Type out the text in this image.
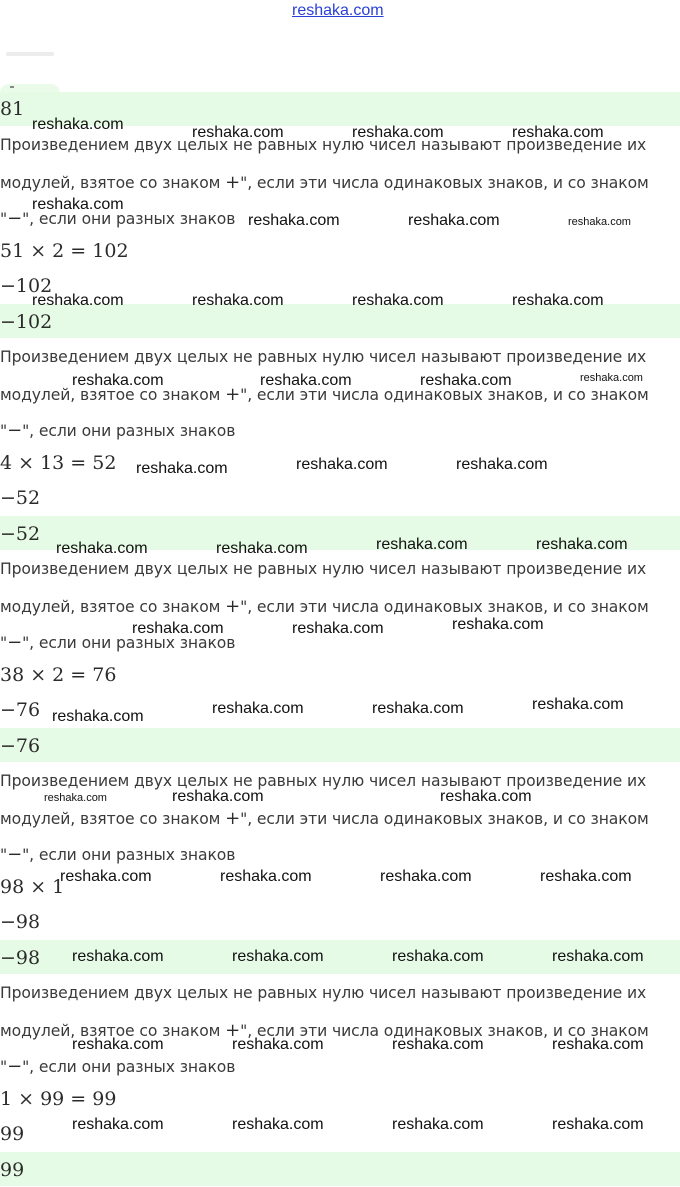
reshaka.com
81
Произведением двух целых не равных нулю чисел называют произведение их
модулей, взятое со знаком +", если эти числа одинаковых знаков, и со знаком
"−", если они разных знаков
51 × 2 = 102
−102
−102
Произведением двух целых не равных нулю чисел называют произведение их
модулей, взятое со знаком +", если эти числа одинаковых знаков, и со знаком
"−", если они разных знаков
4 × 13 = 52
−52
−52
Произведением двух целых не равных нулю чисел называют произведение их
модулей, взятое со знаком +", если эти числа одинаковых знаков, и со знаком
"−", если они разных знаков
38 × 2 = 76
−76
−76
Произведением двух целых не равных нулю чисел называют произведение их
модулей, взятое со знаком +", если эти числа одинаковых знаков, и со знаком
"−", если они разных знаков
98 × 1
−98
−98
Произведением двух целых не равных нулю чисел называют произведение их
модулей, взятое со знаком +", если эти числа одинаковых знаков, и со знаком
"−", если они разных знаков
1 × 99 = 99
99
99
reshaka.com	reshaka.com	reshaka.com	reshaka.com
reshaka.com
reshaka.com	reshaka.com	reshaka.com
reshaka.com	reshaka.com	reshaka.com	reshaka.com
reshaka.com	reshaka.com	reshaka.com	reshaka.com
reshaka.com	reshaka.com	reshaka.com
reshaka.com	reshaka.com	reshaka.com	reshaka.com
reshaka.com	reshaka.com	reshaka.com
reshaka.com	reshaka.com	reshaka.com	reshaka.com
reshaka.com	reshaka.com	reshaka.com
reshaka.com	reshaka.com	reshaka.com	reshaka.com
reshaka.com	reshaka.com	reshaka.com	reshaka.com
reshaka.com	reshaka.com	reshaka.com	reshaka.com
reshaka.com	reshaka.com	reshaka.com	reshaka.com
